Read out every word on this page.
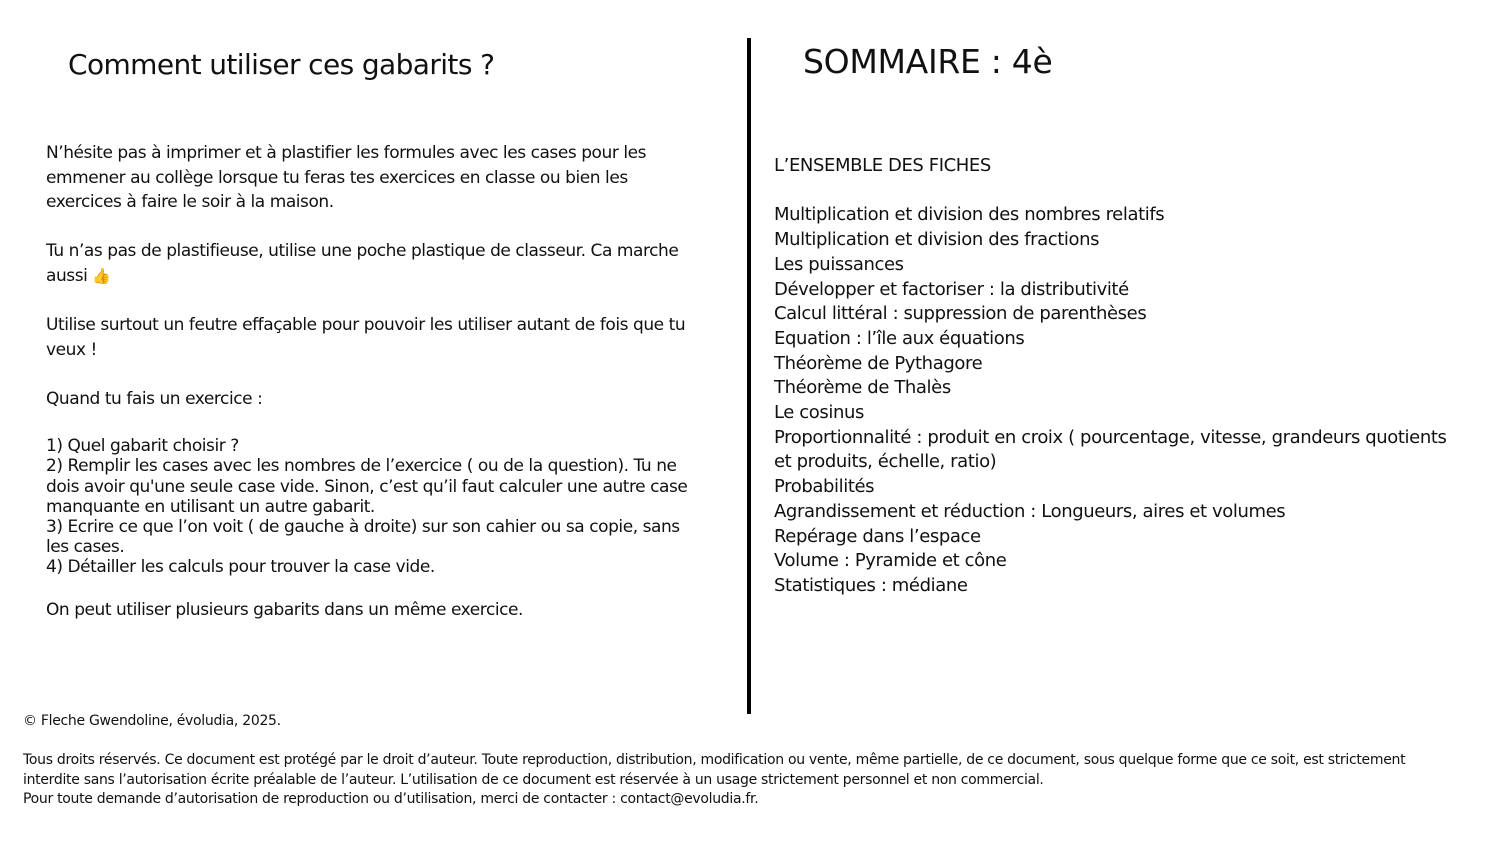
Comment utiliser ces gabarits ?	SOMMAIRE : 4è

N’hésite pas à imprimer et à plastifier les formules avec les cases pour les emmener au collège lorsque tu feras tes exercices en classe ou bien les exercices à faire le soir à la maison.

Tu n’as pas de plastifieuse, utilise une poche plastique de classeur. Ca marche aussi 👍

Utilise surtout un feutre effaçable pour pouvoir les utiliser autant de fois que tu veux !

Quand tu fais un exercice :

1) Quel gabarit choisir ?
2) Remplir les cases avec les nombres de l’exercice ( ou de la question). Tu ne dois avoir qu'une seule case vide. Sinon, c’est qu’il faut calculer une autre case manquante en utilisant un autre gabarit.
3) Ecrire ce que l’on voit ( de gauche à droite) sur son cahier ou sa copie, sans les cases.
4) Détailler les calculs pour trouver la case vide.

On peut utiliser plusieurs gabarits dans un même exercice.

L’ENSEMBLE DES FICHES
Multiplication et division des nombres relatifs
Multiplication et division des fractions
Les puissances
Développer et factoriser : la distributivité
Calcul littéral : suppression de parenthèses
Equation : l’île aux équations
Théorème de Pythagore
Théorème de Thalès
Le cosinus
Proportionnalité : produit en croix ( pourcentage, vitesse, grandeurs quotients et produits, échelle, ratio)
Probabilités
Agrandissement et réduction : Longueurs, aires et volumes
Repérage dans l’espace
Volume : Pyramide et cône
Statistiques : médiane
© Fleche Gwendoline, évoludia, 2025.

Tous droits réservés. Ce document est protégé par le droit d’auteur. Toute reproduction, distribution, modification ou vente, même partielle, de ce document, sous quelque forme que ce soit, est strictement interdite sans l’autorisation écrite préalable de l’auteur. L’utilisation de ce document est réservée à un usage strictement personnel et non commercial.

Pour toute demande d’autorisation de reproduction ou d’utilisation, merci de contacter : contact@evoludia.fr.
